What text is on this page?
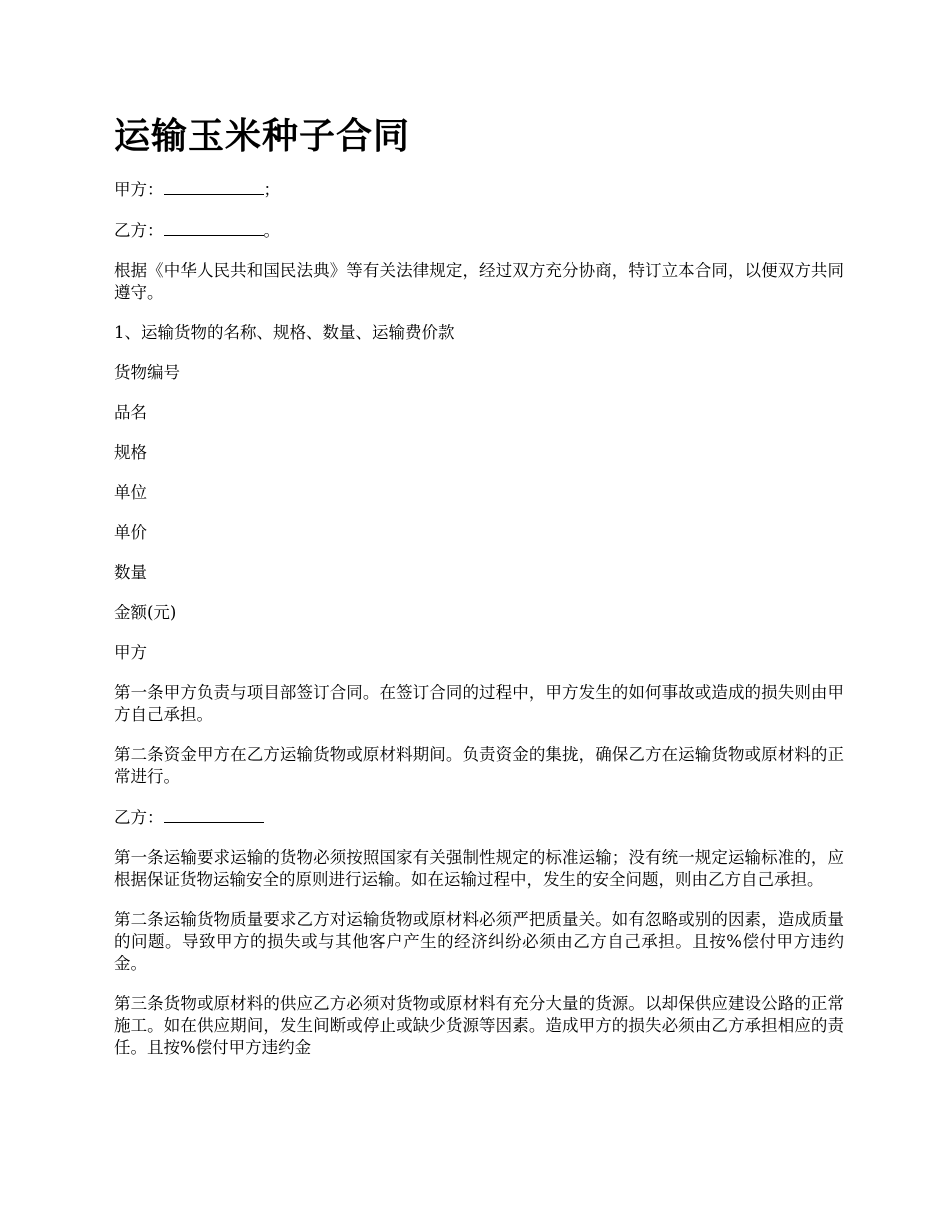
运输玉米种子合同

甲方：	；

乙方：	。

根据《中华人民共和国民法典》等有关法律规定，经过双方充分协商，特订立本合同，以便双方共同遵守。

1、运输货物的名称、规格、数量、运输费价款

货物编号

品名

规格

单位

单价

数量

金额(元)

甲方

第一条甲方负责与项目部签订合同。在签订合同的过程中，甲方发生的如何事故或造成的损失则由甲方自己承担。

第二条资金甲方在乙方运输货物或原材料期间。负责资金的集拢，确保乙方在运输货物或原材料的正常进行。

乙方：

第一条运输要求运输的货物必须按照国家有关强制性规定的标准运输；没有统一规定运输标准的，应根据保证货物运输安全的原则进行运输。如在运输过程中，发生的安全问题，则由乙方自己承担。

第二条运输货物质量要求乙方对运输货物或原材料必须严把质量关。如有忽略或别的因素，造成质量的问题。导致甲方的损失或与其他客户产生的经济纠纷必须由乙方自己承担。且按%偿付甲方违约金。

第三条货物或原材料的供应乙方必须对货物或原材料有充分大量的货源。以却保供应建设公路的正常施工。如在供应期间，发生间断或停止或缺少货源等因素。造成甲方的损失必须由乙方承担相应的责任。且按%偿付甲方违约金
